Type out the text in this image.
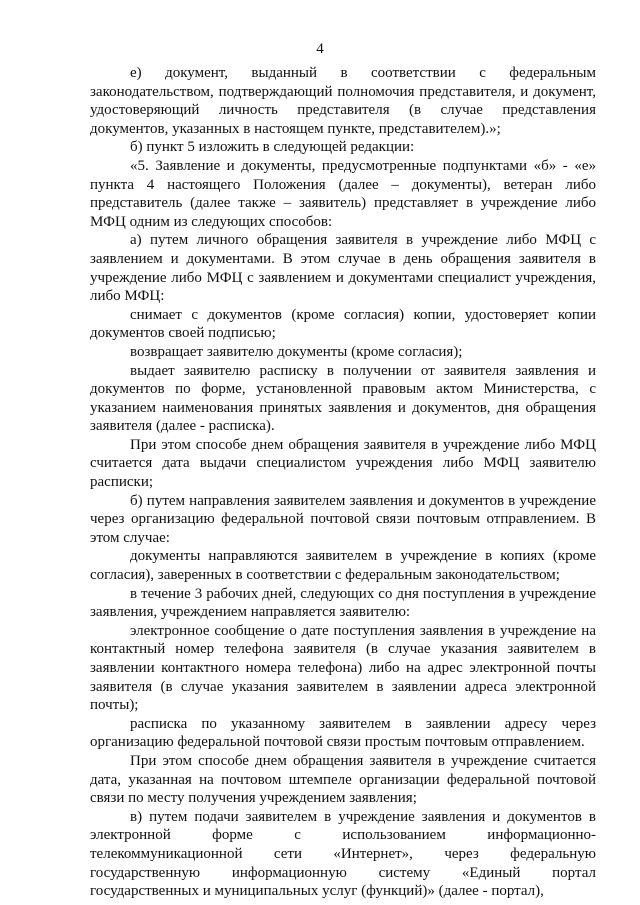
4

е) документ, выданный в соответствии с федеральным законодательством, подтверждающий полномочия представителя, и документ, удостоверяющий личность представителя (в случае представления документов, указанных в настоящем пункте, представителем).»;

б) пункт 5 изложить в следующей редакции:

«5. Заявление и документы, предусмотренные подпунктами «б» - «е» пункта 4 настоящего Положения (далее – документы), ветеран либо представитель (далее также – заявитель) представляет в учреждение либо МФЦ одним из следующих способов:

а) путем личного обращения заявителя в учреждение либо МФЦ с заявлением и документами. В этом случае в день обращения заявителя в учреждение либо МФЦ с заявлением и документами специалист учреждения, либо МФЦ:

снимает с документов (кроме согласия) копии, удостоверяет копии документов своей подписью;

возвращает заявителю документы (кроме согласия);

выдает заявителю расписку в получении от заявителя заявления и документов по форме, установленной правовым актом Министерства, с указанием наименования принятых заявления и документов, дня обращения заявителя (далее - расписка).

При этом способе днем обращения заявителя в учреждение либо МФЦ считается дата выдачи специалистом учреждения либо МФЦ заявителю расписки;

б) путем направления заявителем заявления и документов в учреждение через организацию федеральной почтовой связи почтовым отправлением. В этом случае:

документы направляются заявителем в учреждение в копиях (кроме согласия), заверенных в соответствии с федеральным законодательством;

в течение 3 рабочих дней, следующих со дня поступления в учреждение заявления, учреждением направляется заявителю:

электронное сообщение о дате поступления заявления в учреждение на контактный номер телефона заявителя (в случае указания заявителем в заявлении контактного номера телефона) либо на адрес электронной почты заявителя (в случае указания заявителем в заявлении адреса электронной почты);

расписка по указанному заявителем в заявлении адресу через организацию федеральной почтовой связи простым почтовым отправлением.

При этом способе днем обращения заявителя в учреждение считается дата, указанная на почтовом штемпеле организации федеральной почтовой связи по месту получения учреждением заявления;

в) путем подачи заявителем в учреждение заявления и документов в электронной форме с использованием информационно-телекоммуникационной сети «Интернет», через федеральную государственную информационную систему «Единый портал государственных и муниципальных услуг (функций)» (далее - портал),
